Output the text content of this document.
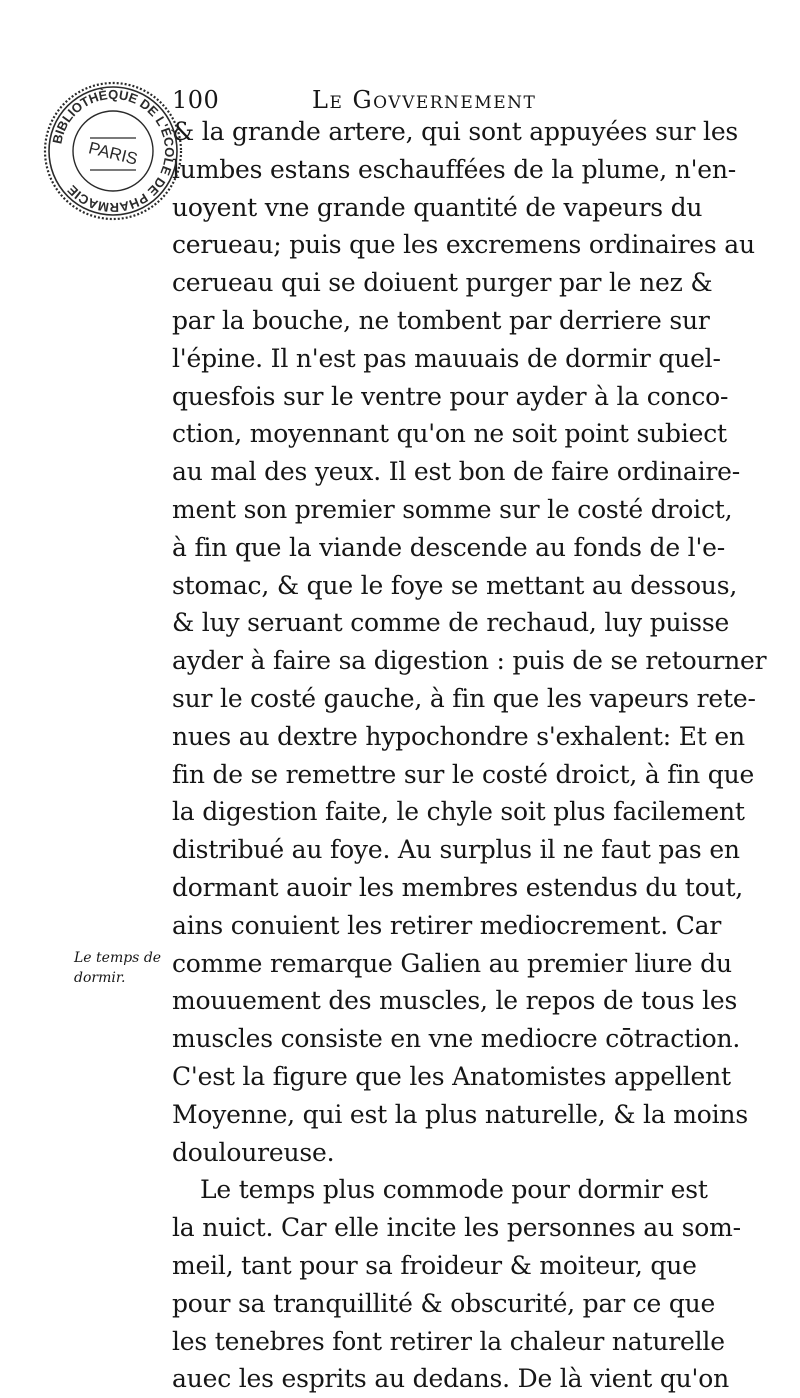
100	Le Govvernement
& la grande artere, qui sont appuyées sur les
lumbes estans eschauffées de la plume, n'en-
uoyent vne grande quantité de vapeurs du
cerueau; puis que les excremens ordinaires au
cerueau qui se doiuent purger par le nez &
par la bouche, ne tombent par derriere sur
l'épine. Il n'est pas mauuais de dormir quel-
quesfois sur le ventre pour ayder à la conco-
ction, moyennant qu'on ne soit point subiect
au mal des yeux. Il est bon de faire ordinaire-
ment son premier somme sur le costé droict,
à fin que la viande descende au fonds de l'e-
stomac, & que le foye se mettant au dessous,
& luy seruant comme de rechaud, luy puisse
ayder à faire sa digestion : puis de se retourner
sur le costé gauche, à fin que les vapeurs rete-
nues au dextre hypochondre s'exhalent: Et en
fin de se remettre sur le costé droict, à fin que
la digestion faite, le chyle soit plus facilement
distribué au foye. Au surplus il ne faut pas en
dormant auoir les membres estendus du tout,
ains conuient les retirer mediocrement. Car
comme remarque Galien au premier liure du
mouuement des muscles, le repos de tous les
muscles consiste en vne mediocre cōtraction.
C'est la figure que les Anatomistes appellent
Moyenne, qui est la plus naturelle, & la moins
douloureuse.
Le temps plus commode pour dormir est
la nuict. Car elle incite les personnes au som-
meil, tant pour sa froideur & moiteur, que
pour sa tranquillité & obscurité, par ce que
les tenebres font retirer la chaleur naturelle
auec les esprits au dedans. De là vient qu'on
Le temps de
dormir.
BIBLIOTHÈQUE DE L'ÉCOLE DE PHARMACIE
PARIS
